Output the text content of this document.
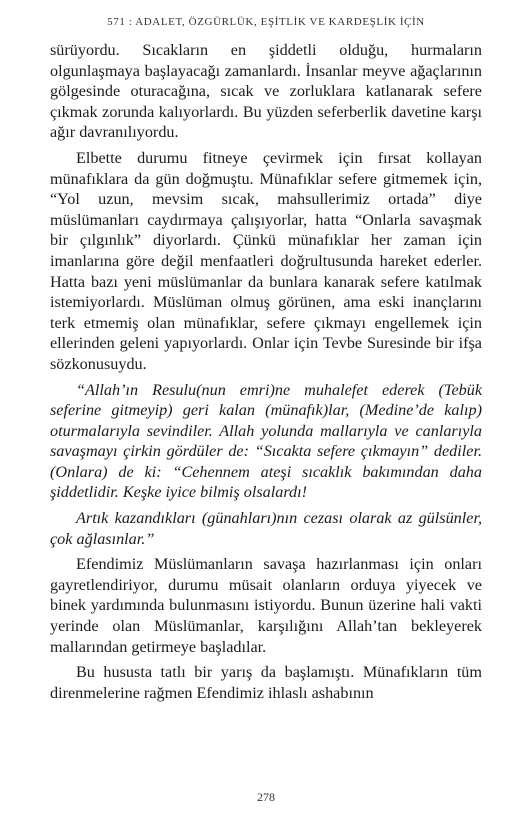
571 : ADALET, ÖZGÜRLÜK, EŞİTLİK VE KARDEŞLİK İÇİN

sürüyordu. Sıcakların en şiddetli olduğu, hurmaların olgunlaşmaya başlayacağı zamanlardı. İnsanlar meyve ağaçlarının gölgesinde oturacağına, sıcak ve zorluklara katlanarak sefere çıkmak zorunda kalıyorlardı. Bu yüzden seferberlik davetine karşı ağır davranılıyordu.

Elbette durumu fitneye çevirmek için fırsat kollayan münafıklara da gün doğmuştu. Münafıklar sefere gitmemek için, “Yol uzun, mevsim sıcak, mahsullerimiz ortada” diye müslümanları caydırmaya çalışıyorlar, hatta “Onlarla savaşmak bir çılgınlık” diyorlardı. Çünkü münafıklar her zaman için imanlarına göre değil menfaatleri doğrultusunda hareket ederler. Hatta bazı yeni müslümanlar da bunlara kanarak sefere katılmak istemiyorlardı. Müslüman olmuş görünen, ama eski inançlarını terk etmemiş olan münafıklar, sefere çıkmayı engellemek için ellerinden geleni yapıyorlardı. Onlar için Tevbe Suresinde bir ifşa sözkonusuydu.

“Allah’ın Resulu(nun emri)ne muhalefet ederek (Tebük seferine gitmeyip) geri kalan (münafık)lar, (Medine’de kalıp) oturmalarıyla sevindiler. Allah yolunda mallarıyla ve canlarıyla savaşmayı çirkin gördüler de: “Sıcakta sefere çıkmayın” dediler. (Onlara) de ki: “Cehennem ateşi sıcaklık bakımından daha şiddetlidir. Keşke iyice bilmiş olsalardı!

Artık kazandıkları (günahları)nın cezası olarak az gülsünler, çok ağlasınlar.”

Efendimiz Müslümanların savaşa hazırlanması için onları gayretlendiriyor, durumu müsait olanların orduya yiyecek ve binek yardımında bulunmasını istiyordu. Bunun üzerine hali vakti yerinde olan Müslümanlar, karşılığını Allah’tan bekleyerek mallarından getirmeye başladılar.

Bu hususta tatlı bir yarış da başlamıştı. Münafıkların tüm direnmelerine rağmen Efendimiz ihlaslı ashabının

278
